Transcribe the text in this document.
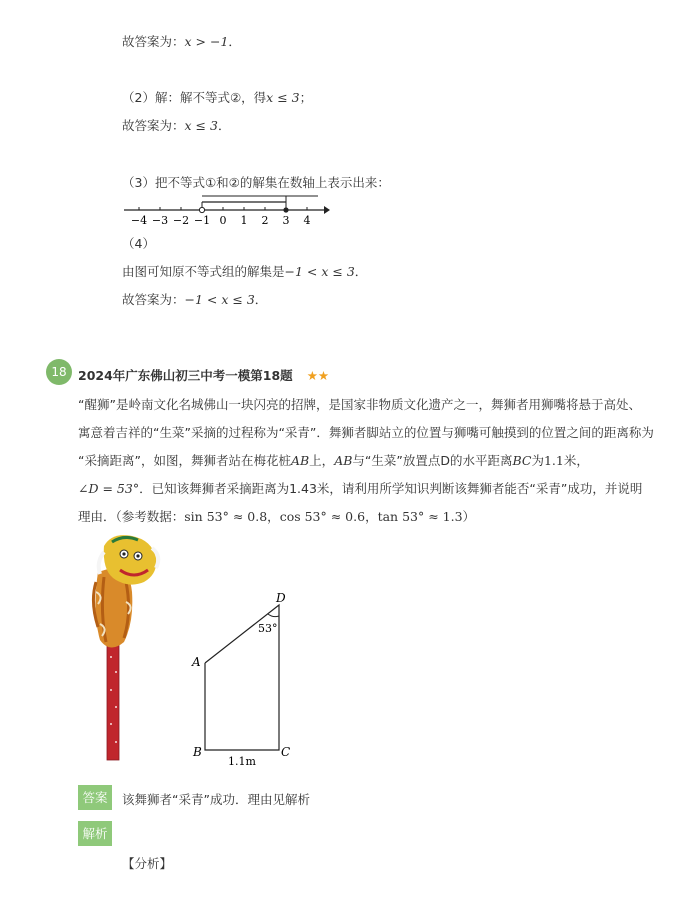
故答案为：x > −1．
（2）解：解不等式②，得x ≤ 3；
故答案为：x ≤ 3．
（3）把不等式①和②的解集在数轴上表示出来：
−4 −3 −2 −1 0 1 2 3 4
（4）
由图可知原不等式组的解集是−1 < x ≤ 3．
故答案为：−1 < x ≤ 3．
18 2024年广东佛山初三中考一模第18题 ★★
“醒狮”是岭南文化名城佛山一块闪亮的招牌，是国家非物质文化遗产之一，舞狮者用狮嘴将悬于高处、
寓意着吉祥的“生菜”采摘的过程称为“采青”．舞狮者脚站立的位置与狮嘴可触摸到的位置之间的距离称为
“采摘距离”，如图，舞狮者站在梅花桩AB上，AB与“生菜”放置点D的水平距离BC为1.1米，
∠D = 53°．已知该舞狮者采摘距离为1.43米，请利用所学知识判断该舞狮者能否“采青”成功，并说明
理由．（参考数据：sin 53° ≈ 0.8，cos 53° ≈ 0.6，tan 53° ≈ 1.3）
D
A
B	C
53°
1.1m
答案	该舞狮者“采青”成功．理由见解析
解析
【分析】
